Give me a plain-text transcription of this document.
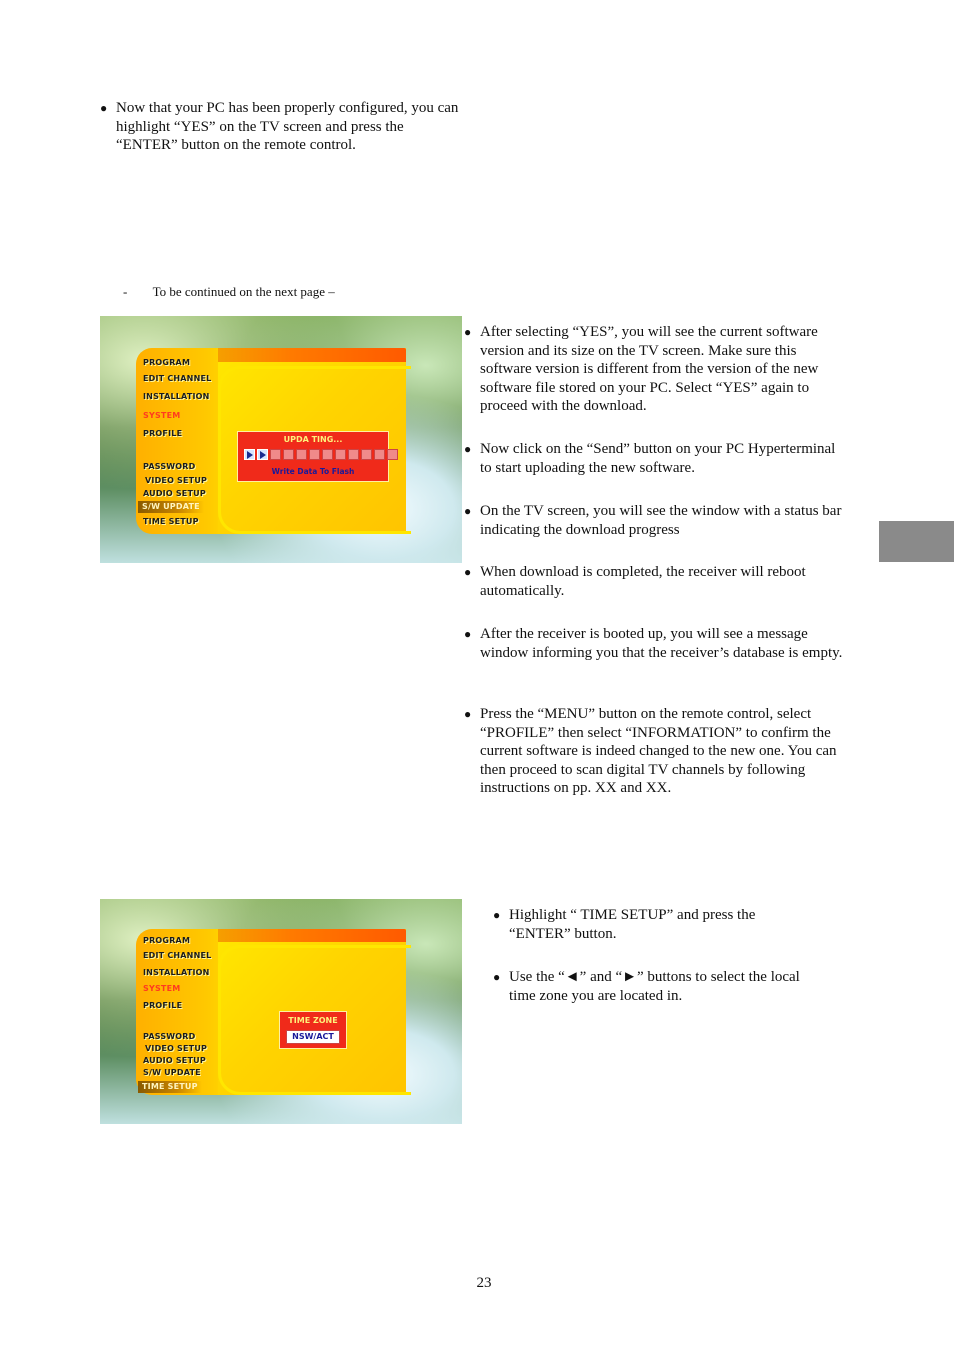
● Now that your PC has been properly configured, you can highlight “YES” on the TV screen and press the “ENTER” button on the remote control.
- To be continued on the next page –
PROGRAM
EDIT CHANNEL
INSTALLATION
SYSTEM
PROFILE
PASSWORD
VIDEO SETUP
AUDIO SETUP
S/W UPDATE
TIME SETUP
UPDA TING...
Write Data To Flash
● After selecting “YES”, you will see the current software version and its size on the TV screen. Make sure this software version is different from the version of the new software file stored on your PC. Select “YES” again to proceed with the download.
● Now click on the “Send” button on your PC Hyperterminal to start uploading the new software.
● On the TV screen, you will see the window with a status bar indicating the download progress
● When download is completed, the receiver will reboot automatically.
● After the receiver is booted up, you will see a message window informing you that the receiver’s database is empty.
● Press the “MENU” button on the remote control, select “PROFILE” then select “INFORMATION” to confirm the current software is indeed changed to the new one. You can then proceed to scan digital TV channels by following instructions on pp. XX and XX.
PROGRAM
EDIT CHANNEL
INSTALLATION
SYSTEM
PROFILE
PASSWORD
VIDEO SETUP
AUDIO SETUP
S/W UPDATE
TIME SETUP
TIME ZONE
NSW/ACT
● Highlight “ TIME SETUP” and press the “ENTER” button.
● Use the “◄” and “►” buttons to select the local time zone you are located in.
23
